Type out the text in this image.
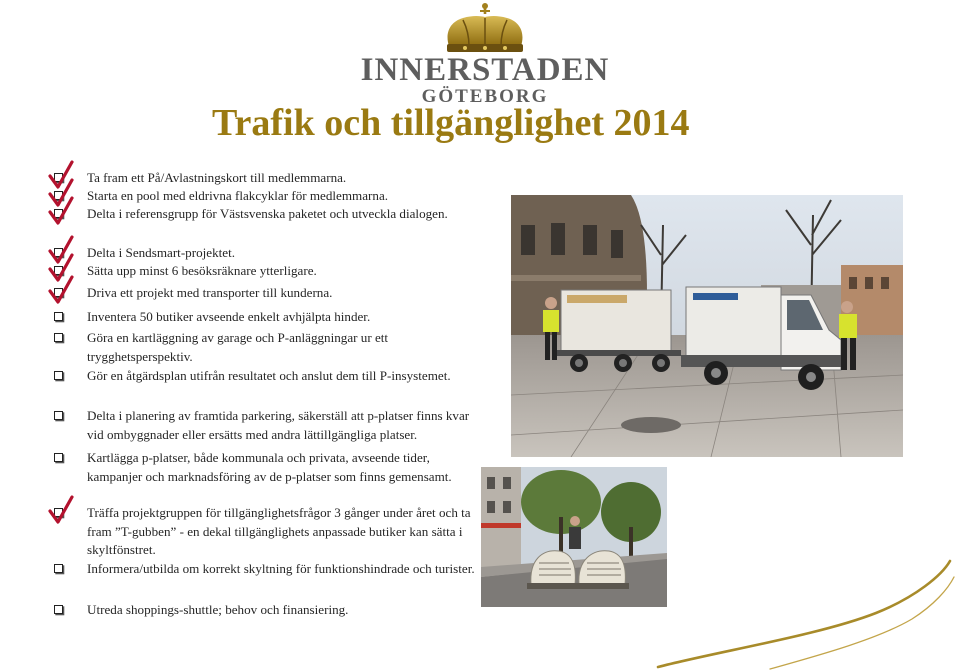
INNERSTADEN
GÖTEBORG
Trafik och tillgänglighet 2014
Ta fram ett På/Avlastningskort till medlemmarna.
Starta en pool med eldrivna flakcyklar för medlemmarna.
Delta i referensgrupp för Västsvenska paketet och utveckla dialogen.
Delta i Sendsmart-projektet.
Sätta upp minst 6 besöksräknare ytterligare.
Driva ett projekt med transporter till kunderna.
Inventera 50 butiker avseende enkelt avhjälpta hinder.
Göra en kartläggning av garage och P-anläggningar ur ett trygghetsperspektiv.
Gör en åtgärdsplan utifrån resultatet och anslut dem till P-insystemet.
Delta i planering av framtida parkering, säkerställ att p-platser finns kvar vid ombyggnader eller ersätts med andra lättillgängliga platser.
Kartlägga p-platser, både kommunala och privata, avseende tider, kampanjer och marknadsföring av de p-platser som finns gemensamt.
Träffa projektgruppen för tillgänglighetsfrågor 3 gånger under året och ta fram ”T-gubben” - en dekal tillgänglighets anpassade butiker kan sätta i skyltfönstret.
Informera/utbilda om korrekt skyltning för funktionshindrade och turister.
Utreda shoppings-shuttle; behov och finansiering.
